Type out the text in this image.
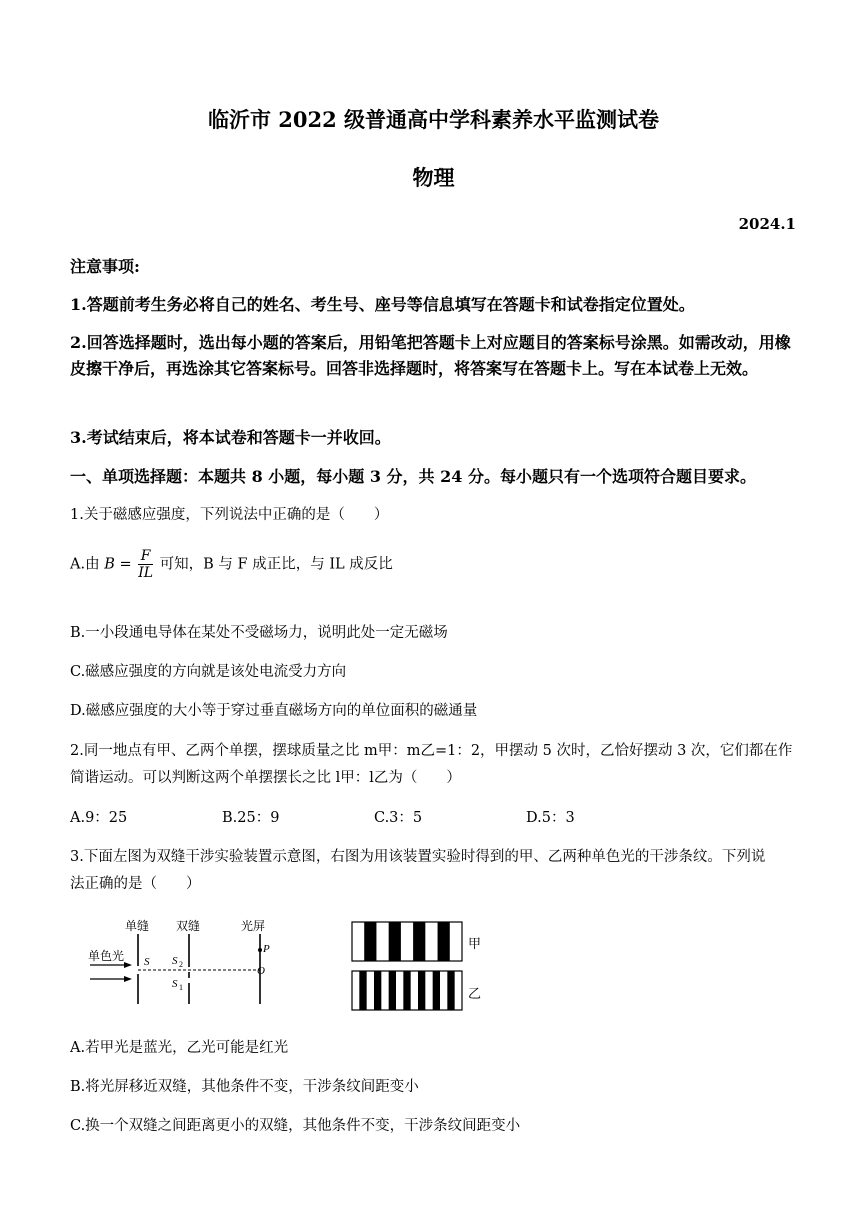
临沂市 2022 级普通高中学科素养水平监测试卷
物理
2024.1
注意事项:
1.答题前考生务必将自己的姓名、考生号、座号等信息填写在答题卡和试卷指定位置处。
2.回答选择题时，选出每小题的答案后，用铅笔把答题卡上对应题目的答案标号涂黑。如需改动，用橡皮擦干净后，再选涂其它答案标号。回答非选择题时，将答案写在答题卡上。写在本试卷上无效。
3.考试结束后，将本试卷和答题卡一并收回。
一、单项选择题：本题共 8 小题，每小题 3 分，共 24 分。每小题只有一个选项符合题目要求。
1.关于磁感应强度，下列说法中正确的是（　　）
A.由 $B = \frac{F}{IL}$ 可知，B 与 F 成正比，与 IL 成反比
B.一小段通电导体在某处不受磁场力，说明此处一定无磁场
C.磁感应强度的方向就是该处电流受力方向
D.磁感应强度的大小等于穿过垂直磁场方向的单位面积的磁通量
2.同一地点有甲、乙两个单摆，摆球质量之比 m甲：m乙=1：2，甲摆动 5 次时，乙恰好摆动 3 次，它们都在作
简谐运动。可以判断这两个单摆摆长之比 l甲：l乙为（　　）
A.9：25	B.25：9	C.3：5	D.5：3
3.下面左图为双缝干涉实验装置示意图，右图为用该装置实验时得到的甲、乙两种单色光的干涉条纹。下列说
法正确的是（　　）
单缝 双缝	光屏
单色光 S S 2
S 1
P
O
甲
乙
A.若甲光是蓝光，乙光可能是红光
B.将光屏移近双缝，其他条件不变，干涉条纹间距变小
C.换一个双缝之间距离更小的双缝，其他条件不变，干涉条纹间距变小
